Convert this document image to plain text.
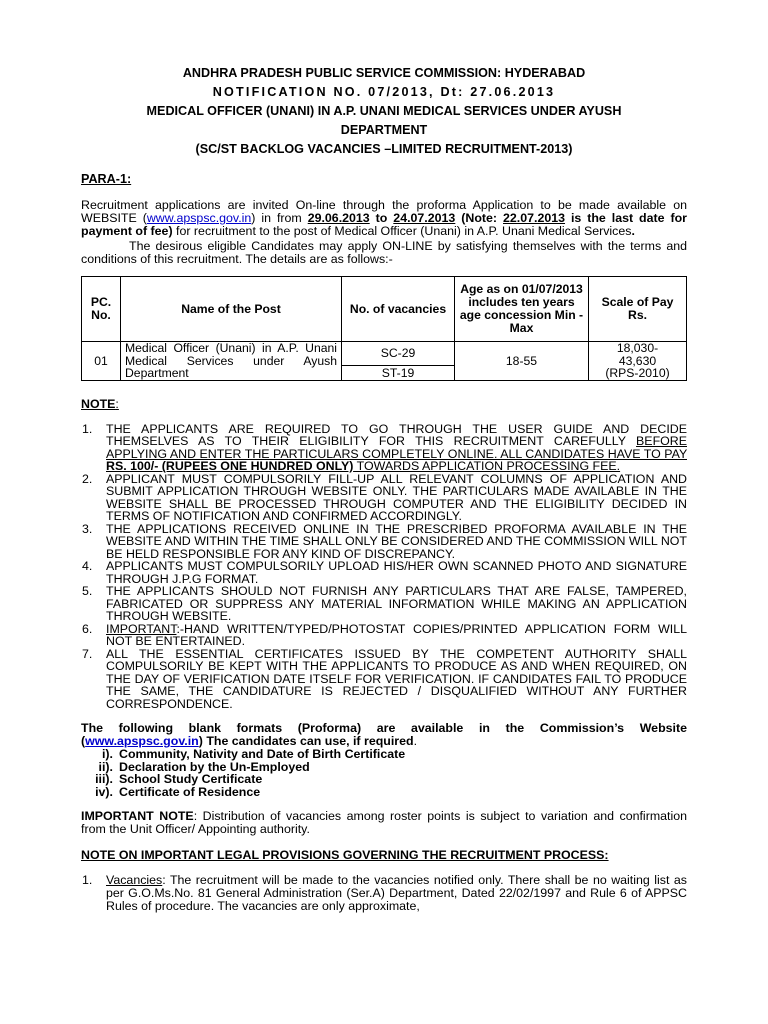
ANDHRA PRADESH PUBLIC SERVICE COMMISSION: HYDERABAD
NOTIFICATION NO. 07/2013, Dt: 27.06.2013
MEDICAL OFFICER (UNANI) IN A.P. UNANI MEDICAL SERVICES UNDER AYUSH
DEPARTMENT
(SC/ST BACKLOG VACANCIES –LIMITED RECRUITMENT-2013)
PARA-1:

Recruitment applications are invited On-line through the proforma Application to be made available on WEBSITE (www.apspsc.gov.in) in from 29.06.2013 to 24.07.2013 (Note: 22.07.2013 is the last date for payment of fee) for recruitment to the post of Medical Officer (Unani) in A.P. Unani Medical Services.

The desirous eligible Candidates may apply ON-LINE by satisfying themselves with the terms and conditions of this recruitment. The details are as follows:-

PC. No.	Name of the Post	No. of vacancies	Age as on 01/07/2013 includes ten years age concession Min - Max	Scale of Pay Rs.
01	Medical Officer (Unani) in A.P. Unani Medical Services under Ayush Department	SC-29	18-55	18,030-
43,630
(RPS-2010)

		ST-19		
NOTE:
1. THE APPLICANTS ARE REQUIRED TO GO THROUGH THE USER GUIDE AND DECIDE THEMSELVES AS TO THEIR ELIGIBILITY FOR THIS RECRUITMENT CAREFULLY BEFORE APPLYING AND ENTER THE PARTICULARS COMPLETELY ONLINE. ALL CANDIDATES HAVE TO PAY RS. 100/- (RUPEES ONE HUNDRED ONLY) TOWARDS APPLICATION PROCESSING FEE.
2. APPLICANT MUST COMPULSORILY FILL-UP ALL RELEVANT COLUMNS OF APPLICATION AND SUBMIT APPLICATION THROUGH WEBSITE ONLY. THE PARTICULARS MADE AVAILABLE IN THE WEBSITE SHALL BE PROCESSED THROUGH COMPUTER AND THE ELIGIBILITY DECIDED IN TERMS OF NOTIFICATION AND CONFIRMED ACCORDINGLY.
3. THE APPLICATIONS RECEIVED ONLINE IN THE PRESCRIBED PROFORMA AVAILABLE IN THE WEBSITE AND WITHIN THE TIME SHALL ONLY BE CONSIDERED AND THE COMMISSION WILL NOT BE HELD RESPONSIBLE FOR ANY KIND OF DISCREPANCY.
4. APPLICANTS MUST COMPULSORILY UPLOAD HIS/HER OWN SCANNED PHOTO AND SIGNATURE THROUGH J.P.G FORMAT.
5. THE APPLICANTS SHOULD NOT FURNISH ANY PARTICULARS THAT ARE FALSE, TAMPERED, FABRICATED OR SUPPRESS ANY MATERIAL INFORMATION WHILE MAKING AN APPLICATION THROUGH WEBSITE.
6. IMPORTANT:-HAND WRITTEN/TYPED/PHOTOSTAT COPIES/PRINTED APPLICATION FORM WILL NOT BE ENTERTAINED.
7. ALL THE ESSENTIAL CERTIFICATES ISSUED BY THE COMPETENT AUTHORITY SHALL COMPULSORILY BE KEPT WITH THE APPLICANTS TO PRODUCE AS AND WHEN REQUIRED, ON THE DAY OF VERIFICATION DATE ITSELF FOR VERIFICATION. IF CANDIDATES FAIL TO PRODUCE THE SAME, THE CANDIDATURE IS REJECTED / DISQUALIFIED WITHOUT ANY FURTHER CORRESPONDENCE.

The following blank formats (Proforma) are available in the Commission’s Website (www.apspsc.gov.in) The candidates can use, if required.

i). Community, Nativity and Date of Birth Certificate
ii). Declaration by the Un-Employed
iii). School Study Certificate
iv). Certificate of Residence

IMPORTANT NOTE: Distribution of vacancies among roster points is subject to variation and confirmation from the Unit Officer/ Appointing authority.

NOTE ON IMPORTANT LEGAL PROVISIONS GOVERNING THE RECRUITMENT PROCESS:

1. Vacancies: The recruitment will be made to the vacancies notified only. There shall be no waiting list as per G.O.Ms.No. 81 General Administration (Ser.A) Department, Dated 22/02/1997 and Rule 6 of APPSC Rules of procedure. The vacancies are only approximate,
